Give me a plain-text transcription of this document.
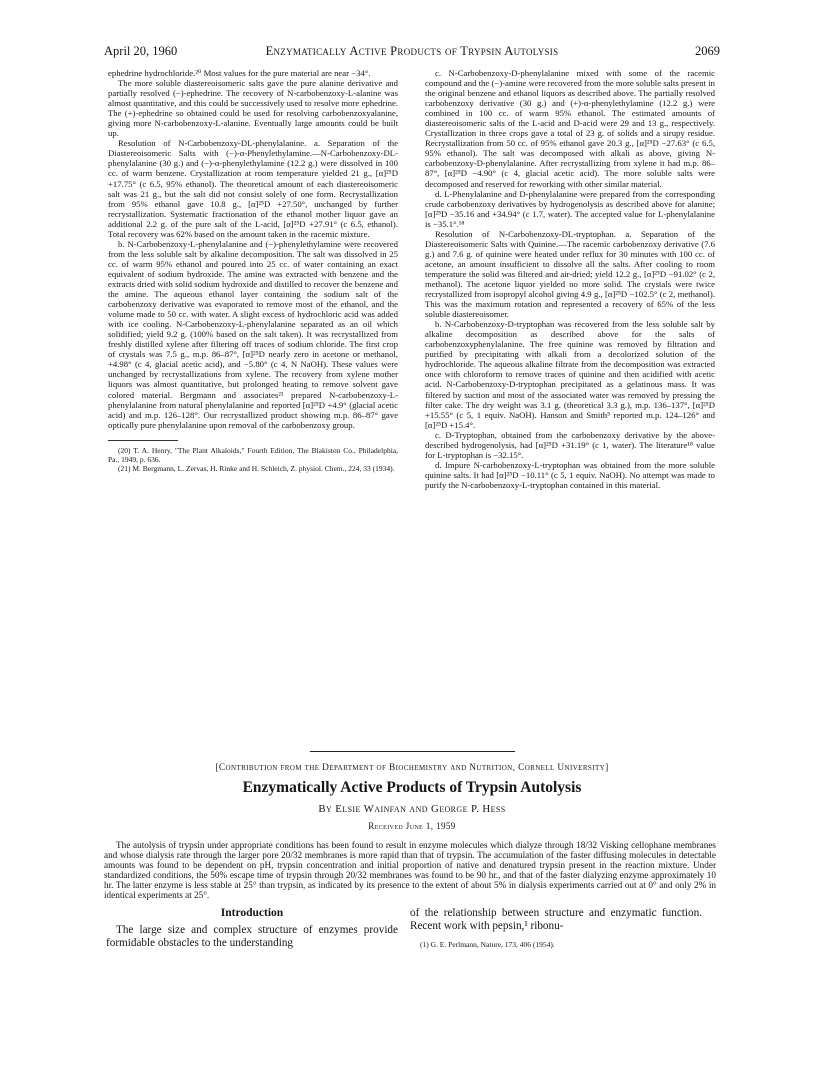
April 20, 1960	Enzymatically Active Products of Trypsin Autolysis	2069

ephedrine hydrochloride.²⁰ Most values for the pure material are near −34°.

The more soluble diastereoisomeric salts gave the pure alanine derivative and partially resolved (−)-ephedrine. The recovery of N-carbobenzoxy-L-alanine was almost quantitative, and this could be successively used to resolve more ephedrine. The (+)-ephedrine so obtained could be used for resolving carbobenzoxyalanine, giving more N-carbobenzoxy-L-alanine. Eventually large amounts could be built up.

Resolution of N-Carbobenzoxy-DL-phenylalanine. a. Separation of the Diastereoisomeric Salts with (−)-α-Phenylethylamine.—N-Carbobenzoxy-DL-phenylalanine (30 g.) and (−)-α-phenylethylamine (12.2 g.) were dissolved in 100 cc. of warm benzene. Crystallization at room temperature yielded 21 g., [α]²⁵D +17.75° (c 6.5, 95% ethanol). The theoretical amount of each diastereoisomeric salt was 21 g., but the salt did not consist solely of one form. Recrystallization from 95% ethanol gave 10.8 g., [α]²⁵D +27.50°, unchanged by further recrystallization. Systematic fractionation of the ethanol mother liquor gave an additional 2.2 g. of the pure salt of the L-acid, [α]²⁵D +27.91° (c 6.5, ethanol). Total recovery was 62% based on the amount taken in the racemic mixture.

b. N-Carbobenzoxy-L-phenylalanine and (−)-phenylethylamine were recovered from the less soluble salt by alkaline decomposition. The salt was dissolved in 25 cc. of warm 95% ethanol and poured into 25 cc. of water containing an exact equivalent of sodium hydroxide. The amine was extracted with benzene and the extracts dried with solid sodium hydroxide and distilled to recover the benzene and the amine. The aqueous ethanol layer containing the sodium salt of the carbobenzoxy derivative was evaporated to remove most of the ethanol, and the volume made to 50 cc. with water. A slight excess of hydrochloric acid was added with ice cooling. N-Carbobenzoxy-L-phenylalanine separated as an oil which solidified; yield 9.2 g. (100% based on the salt taken). It was recrystallized from freshly distilled xylene after filtering off traces of sodium chloride. The first crop of crystals was 7.5 g., m.p. 86–87°, [α]²⁵D nearly zero in acetone or methanol, +4.98° (c 4, glacial acetic acid), and −5.80° (c 4, N NaOH). These values were unchanged by recrystallizations from xylene. The recovery from xylene mother liquors was almost quantitative, but prolonged heating to remove solvent gave colored material. Bergmann and associates²¹ prepared N-carbobenzoxy-L-phenylalanine from natural phenylalanine and reported [α]²⁵D +4.9° (glacial acetic acid) and m.p. 126–128°. Our recrystallized product showing m.p. 86–87° gave optically pure phenylalanine upon removal of the carbobenzoxy group.

(20) T. A. Henry, "The Plant Alkaloids," Fourth Edition, The Blakiston Co., Philadelphia, Pa., 1949, p. 636.

(21) M. Bergmann, L. Zervas, H. Rinke and H. Schleich, Z. physiol. Chem., 224, 33 (1934).

c. N-Carbobenzoxy-D-phenylalanine mixed with some of the racemic compound and the (−)-amine were recovered from the more soluble salts present in the original benzene and ethanol liquors as described above. The partially resolved carbobenzoxy derivative (30 g.) and (+)-α-phenylethylamine (12.2 g.) were combined in 100 cc. of warm 95% ethanol. The estimated amounts of diastereoisomeric salts of the L-acid and D-acid were 29 and 13 g., respectively. Crystallization in three crops gave a total of 23 g. of solids and a sirupy residue. Recrystallization from 50 cc. of 95% ethanol gave 20.3 g., [α]²⁵D −27.63° (c 6.5, 95% ethanol). The salt was decomposed with alkali as above, giving N-carbobenzoxy-D-phenylalanine. After recrystallizing from xylene it had m.p. 86–87°, [α]²⁵D −4.90° (c 4, glacial acetic acid). The more soluble salts were decomposed and reserved for reworking with other similar material.

d. L-Phenylalanine and D-phenylalanine were prepared from the corresponding crude carbobenzoxy derivatives by hydrogenolysis as described above for alanine; [α]²⁵D −35.16 and +34.94° (c 1.7, water). The accepted value for L-phenylalanine is −35.1°.¹⁸

Resolution of N-Carbobenzoxy-DL-tryptophan. a. Separation of the Diastereoisomeric Salts with Quinine.—The racemic carbobenzoxy derivative (7.6 g.) and 7.6 g. of quinine were heated under reflux for 30 minutes with 100 cc. of acetone, an amount insufficient to dissolve all the salts. After cooling to room temperature the solid was filtered and air-dried; yield 12.2 g., [α]²⁵D −91.02° (c 2, methanol). The acetone liquor yielded no more solid. The crystals were twice recrystallized from isopropyl alcohol giving 4.9 g., [α]²⁵D −102.5° (c 2, methanol). This was the maximum rotation and represented a recovery of 65% of the less soluble diastereoisomer.

b. N-Carbobenzoxy-D-tryptophan was recovered from the less soluble salt by alkaline decomposition as described above for the salts of carbobenzoxyphenylalanine. The free quinine was removed by filtration and purified by precipitating with alkali from a decolorized solution of the hydrochloride. The aqueous alkaline filtrate from the decomposition was extracted once with chloroform to remove traces of quinine and then acidified with acetic acid. N-Carbobenzoxy-D-tryptophan precipitated as a gelatinous mass. It was filtered by suction and most of the associated water was removed by pressing the filter cake. The dry weight was 3.1 g. (theoretical 3.3 g.), m.p. 136–137°, [α]²⁵D +15.55° (c 5, 1 equiv. NaOH). Hanson and Smith⁵ reported m.p. 124–126° and [α]²⁵D +15.4°.

c. D-Tryptophan, obtained from the carbobenzoxy derivative by the above-described hydrogenolysis, had [α]²⁵D +31.19° (c 1, water). The literature¹⁸ value for L-tryptophan is −32.15°.

d. Impure N-carbobenzoxy-L-tryptophan was obtained from the more soluble quinine salts. It had [α]²⁵D −10.11° (c 5, 1 equiv. NaOH). No attempt was made to purify the N-carbobenzoxy-L-tryptophan contained in this material.

[Contribution from the Department of Biochemistry and Nutrition, Cornell University]
Enzymatically Active Products of Trypsin Autolysis
By Elsie Wainfan and George P. Hess
Received June 1, 1959

The autolysis of trypsin under appropriate conditions has been found to result in enzyme molecules which dialyze through 18/32 Visking cellophane membranes and whose dialysis rate through the larger pore 20/32 membranes is more rapid than that of trypsin. The accumulation of the faster diffusing molecules in detectable amounts was found to be dependent on pH, trypsin concentration and initial proportion of native and denatured trypsin present in the reaction mixture. Under standardized conditions, the 50% escape time of trypsin through 20/32 membranes was found to be 90 hr., and that of the faster dialyzing enzyme approximately 10 hr. The latter enzyme is less stable at 25° than trypsin, as indicated by its presence to the extent of about 5% in dialysis experiments carried out at 0° and only 2% in identical experiments at 25°.

Introduction

The large size and complex structure of enzymes provide formidable obstacles to the understanding

of the relationship between structure and enzymatic function. Recent work with pepsin,¹ ribonu-

(1) G. E. Perlmann, Nature, 173, 406 (1954).
